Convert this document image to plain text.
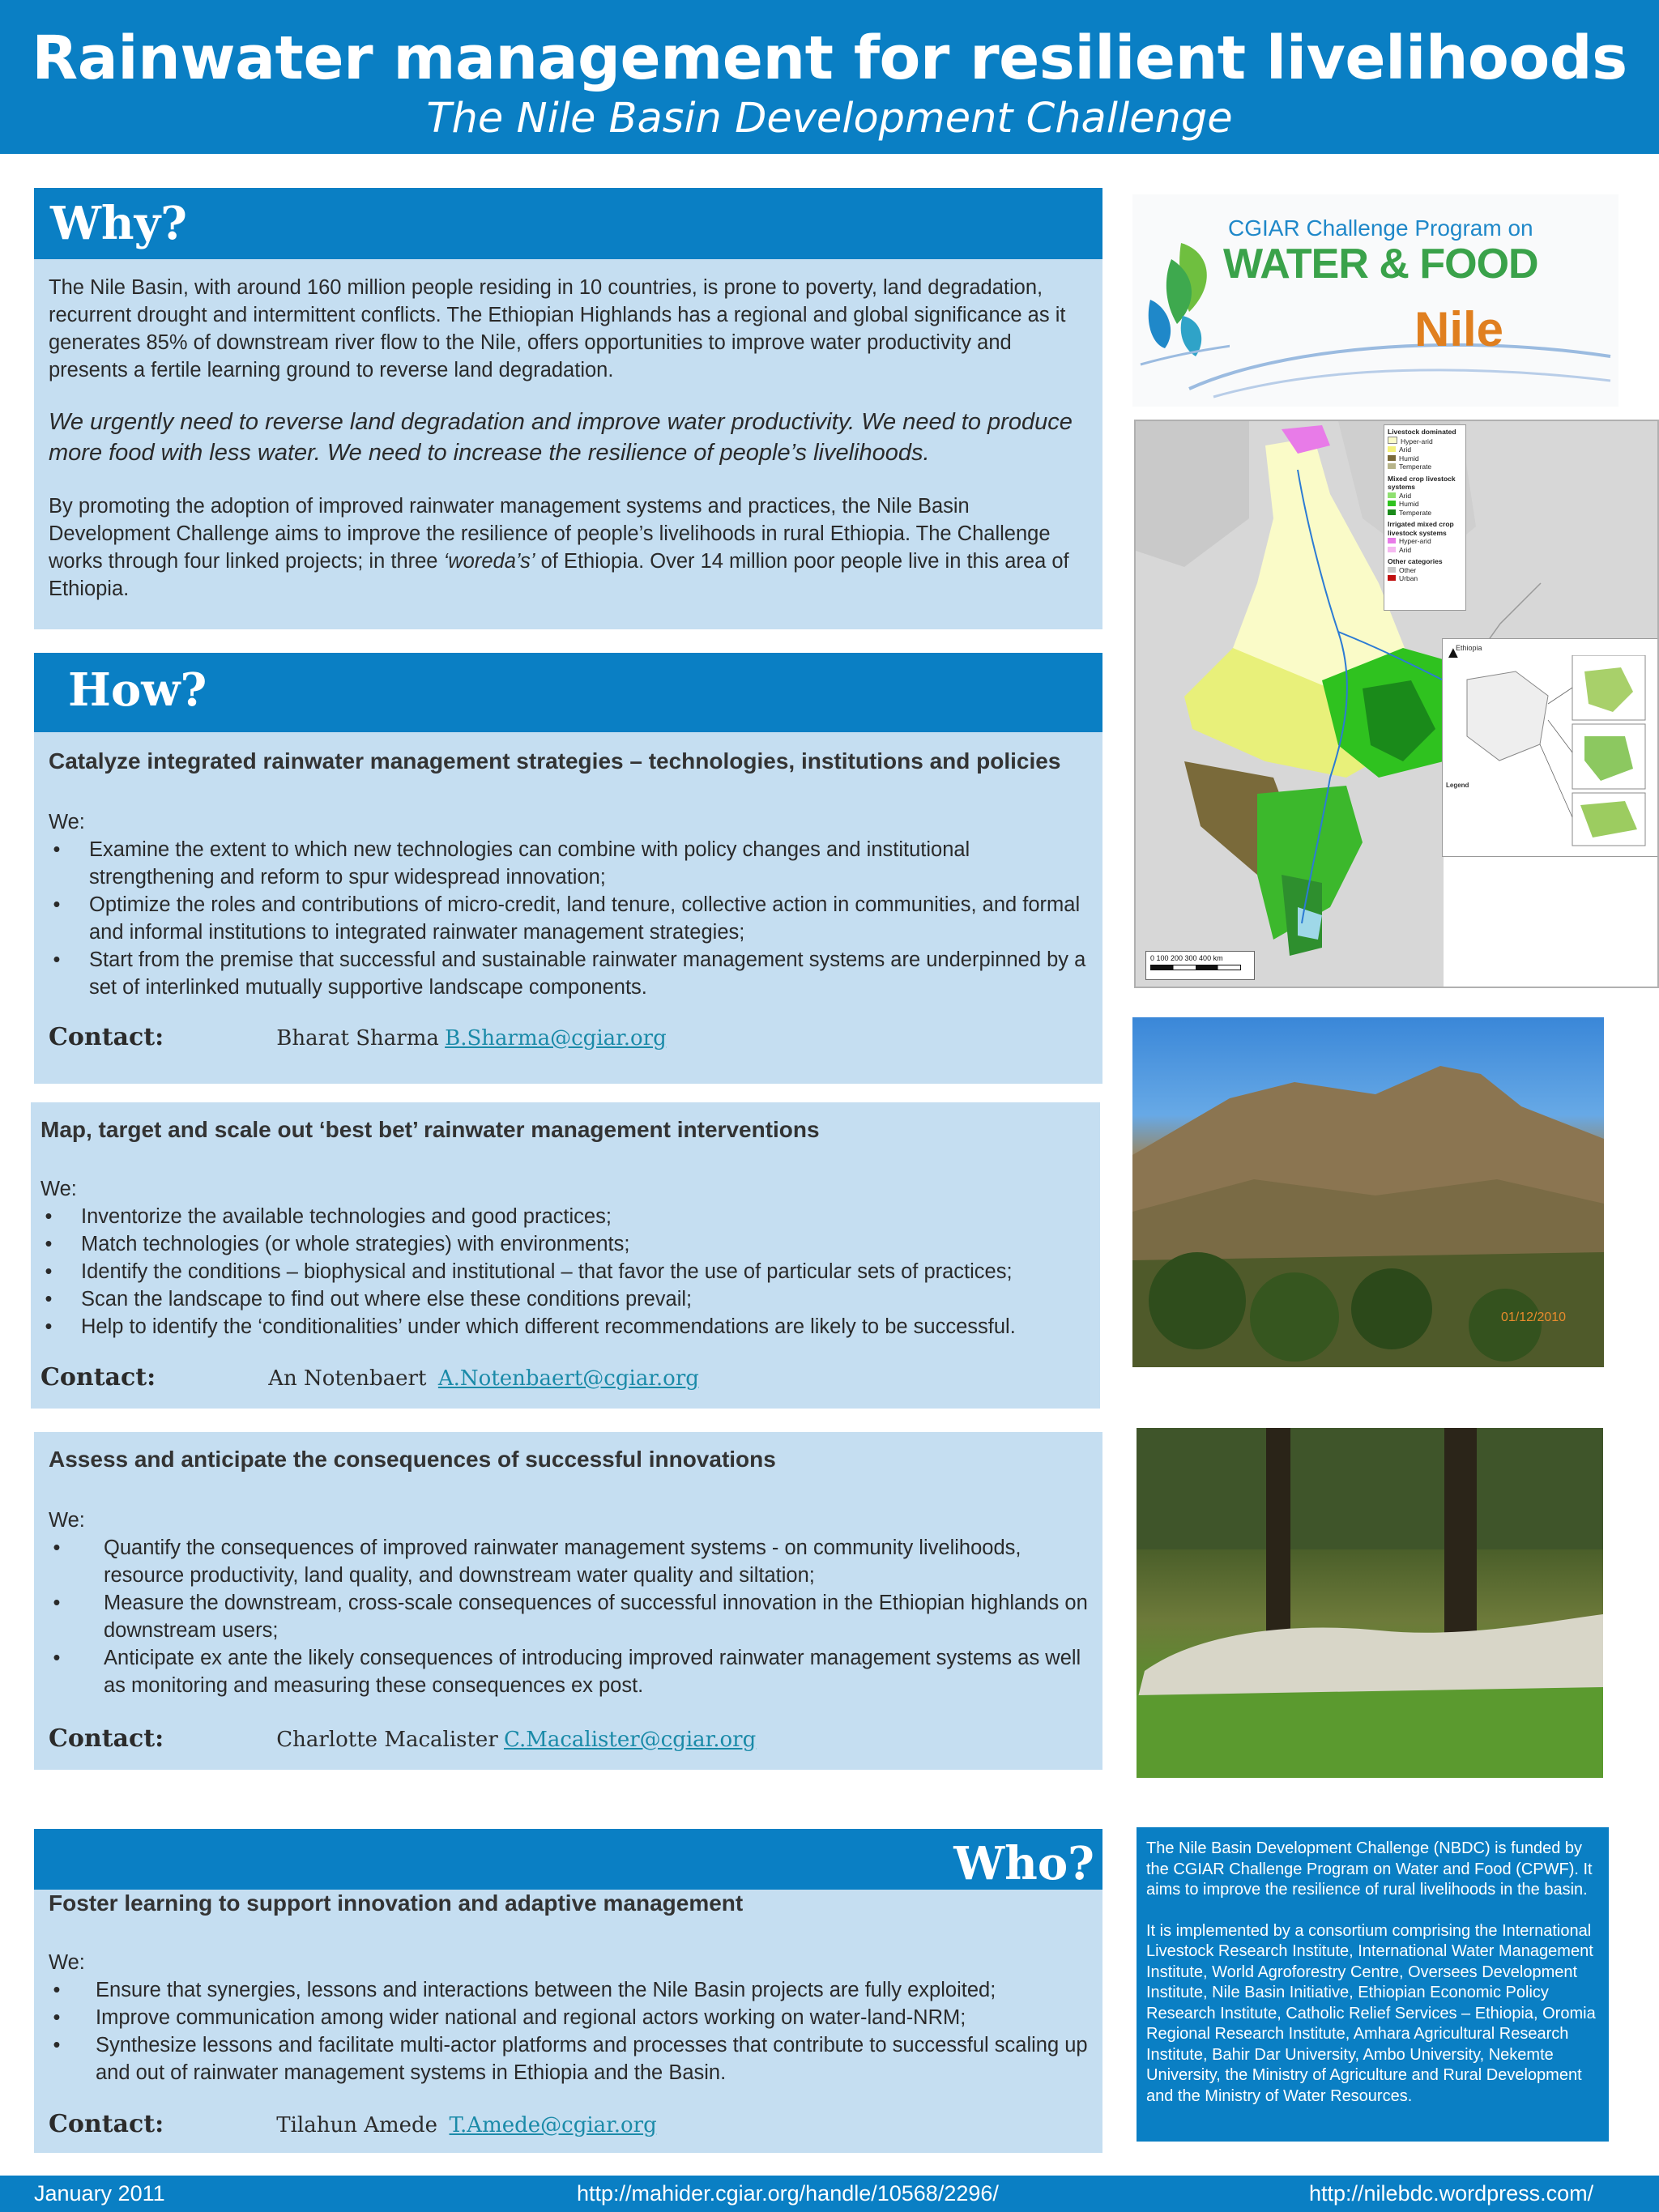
Rainwater management for resilient livelihoods
The Nile Basin Development Challenge
Why?

The Nile Basin, with around 160 million people residing in 10 countries, is prone to poverty, land degradation, recurrent drought and intermittent conflicts. The Ethiopian Highlands has a regional and global significance as it generates 85% of downstream river flow to the Nile, offers opportunities to improve water productivity and presents a fertile learning ground to reverse land degradation.

We urgently need to reverse land degradation and improve water productivity. We need to produce more food with less water. We need to increase the resilience of people’s livelihoods.

By promoting the adoption of improved rainwater management systems and practices, the Nile Basin Development Challenge aims to improve the resilience of people’s livelihoods in rural Ethiopia. The Challenge works through four linked projects; in three ‘woreda’s’ of Ethiopia. Over 14 million poor people live in this area of Ethiopia.

How?
Catalyze integrated rainwater management strategies – technologies, institutions and policies
We:
• Examine the extent to which new technologies can combine with policy changes and institutional strengthening and reform to spur widespread innovation;
• Optimize the roles and contributions of micro-credit, land tenure, collective action in communities, and formal and informal institutions to integrated rainwater management strategies;
• Start from the premise that successful and sustainable rainwater management systems are underpinned by a set of interlinked mutually supportive landscape components.
Contact:	Bharat Sharma B.Sharma@cgiar.org
Map, target and scale out ‘best bet’ rainwater management interventions
We:
• Inventorize the available technologies and good practices;
• Match technologies (or whole strategies) with environments;
• Identify the conditions – biophysical and institutional – that favor the use of particular sets of practices;
• Scan the landscape to find out where else these conditions prevail;
• Help to identify the ‘conditionalities’ under which different recommendations are likely to be successful.
Contact:	An Notenbaert A.Notenbaert@cgiar.org
Assess and anticipate the consequences of successful innovations
We:
• Quantify the consequences of improved rainwater management systems - on community livelihoods, resource productivity, land quality, and downstream water quality and siltation;
• Measure the downstream, cross-scale consequences of successful innovation in the Ethiopian highlands on downstream users;
• Anticipate ex ante the likely consequences of introducing improved rainwater management systems as well as monitoring and measuring these consequences ex post.
Contact:	Charlotte Macalister C.Macalister@cgiar.org
Who?
Foster learning to support innovation and adaptive management
We:
• Ensure that synergies, lessons and interactions between the Nile Basin projects are fully exploited;
• Improve communication among wider national and regional actors working on water-land-NRM;
• Synthesize lessons and facilitate multi-actor platforms and processes that contribute to successful scaling up and out of rainwater management systems in Ethiopia and the Basin.
Contact:	Tilahun Amede T.Amede@cgiar.org
CGIAR Challenge Program on
WATER & FOOD
Nile
Livestock dominated
Hyper-arid
Arid
Humid
Temperate
Mixed crop livestock systems
Arid
Humid
Temperate
Irrigated mixed crop livestock systems
Hyper-arid
Arid
Other categories
Other
Urban
Ethiopia
Legend
▲
0 100 200 300 400 km
01/12/2010

The Nile Basin Development Challenge (NBDC) is funded by the CGIAR Challenge Program on Water and Food (CPWF). It aims to improve the resilience of rural livelihoods in the basin.

It is implemented by a consortium comprising the International Livestock Research Institute, International Water Management Institute, World Agroforestry Centre, Oversees Development Institute, Nile Basin Initiative, Ethiopian Economic Policy Research Institute, Catholic Relief Services – Ethiopia, Oromia Regional Research Institute, Amhara Agricultural Research Institute, Bahir Dar University, Ambo University, Nekemte University, the Ministry of Agriculture and Rural Development and the Ministry of Water Resources.

January 2011	http://mahider.cgiar.org/handle/10568/2296/	http://nilebdc.wordpress.com/
